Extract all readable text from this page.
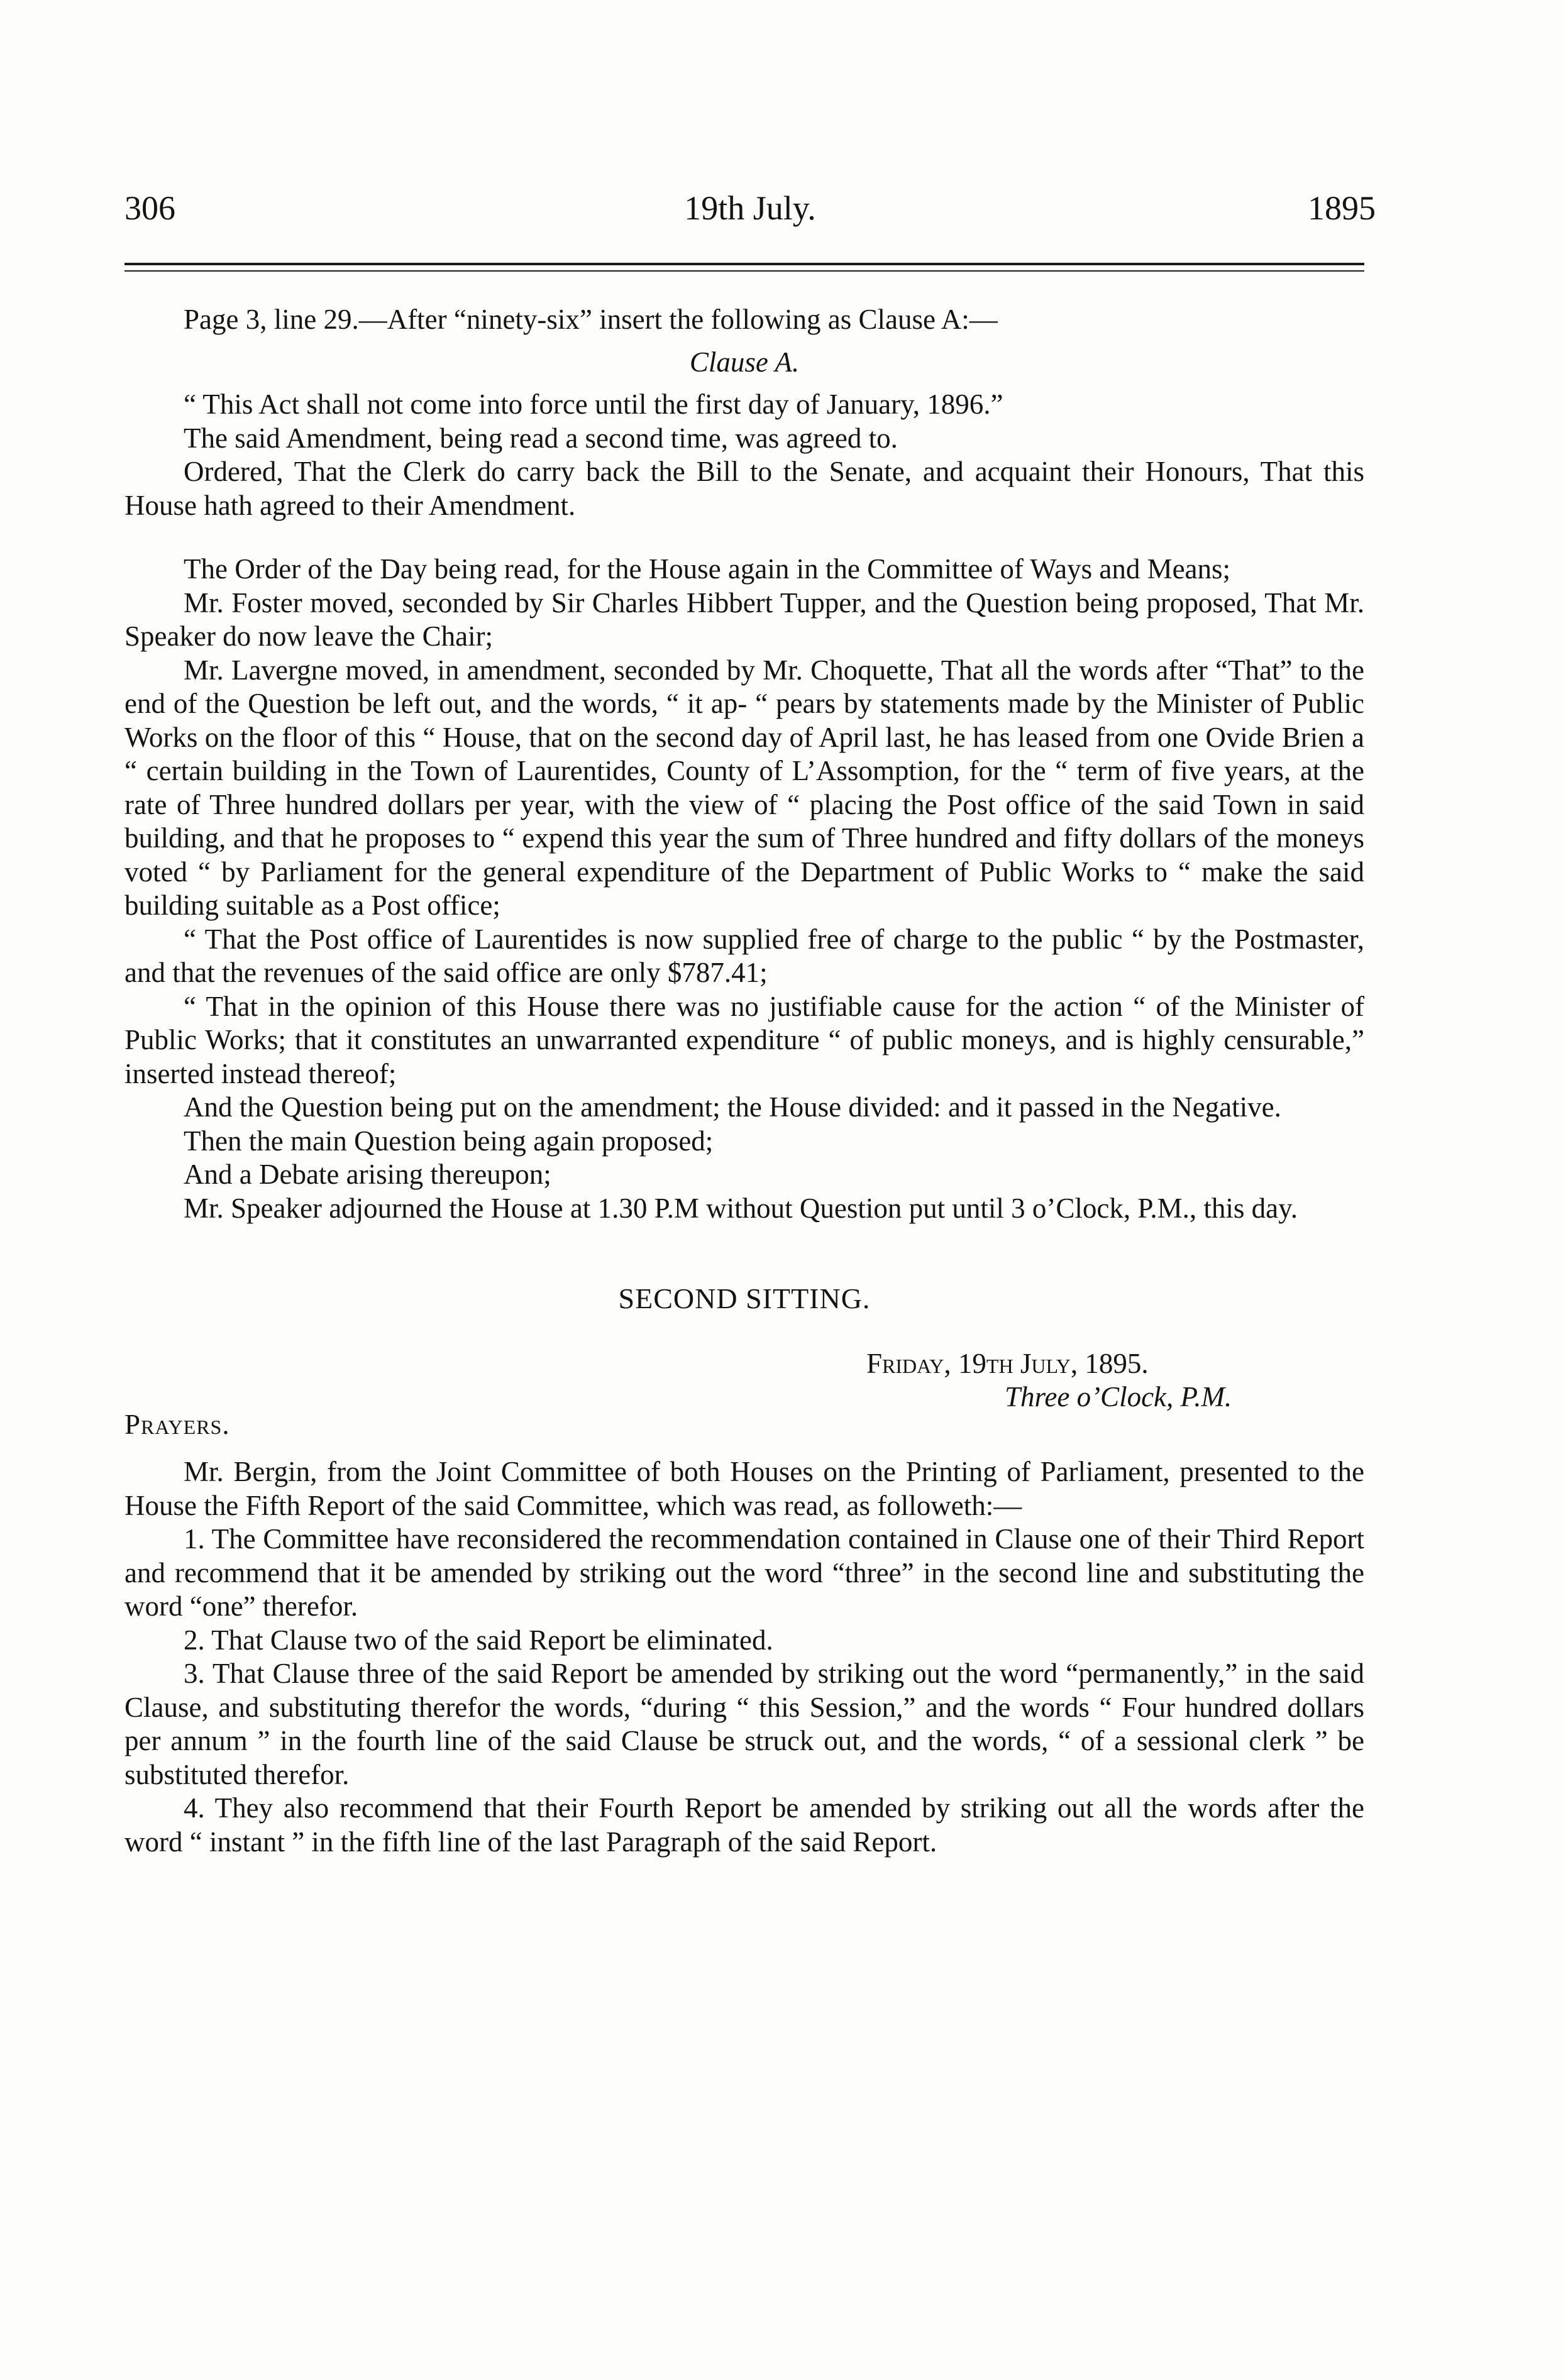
306	19th July.	1895

Page 3, line 29.—After “ninety-six” insert the following as Clause A:—

Clause A.

“ This Act shall not come into force until the first day of January, 1896.”

The said Amendment, being read a second time, was agreed to.

Ordered, That the Clerk do carry back the Bill to the Senate, and acquaint their Honours, That this House hath agreed to their Amendment.

The Order of the Day being read, for the House again in the Committee of Ways and Means;

Mr. Foster moved, seconded by Sir Charles Hibbert Tupper, and the Question being proposed, That Mr. Speaker do now leave the Chair;

Mr. Lavergne moved, in amendment, seconded by Mr. Choquette, That all the words after “That” to the end of the Question be left out, and the words, “ it ap- “ pears by statements made by the Minister of Public Works on the floor of this “ House, that on the second day of April last, he has leased from one Ovide Brien a “ certain building in the Town of Laurentides, County of L’Assomption, for the “ term of five years, at the rate of Three hundred dollars per year, with the view of “ placing the Post office of the said Town in said building, and that he proposes to “ expend this year the sum of Three hundred and fifty dollars of the moneys voted “ by Parliament for the general expenditure of the Department of Public Works to “ make the said building suitable as a Post office;

“ That the Post office of Laurentides is now supplied free of charge to the public “ by the Postmaster, and that the revenues of the said office are only $787.41;

“ That in the opinion of this House there was no justifiable cause for the action “ of the Minister of Public Works; that it constitutes an unwarranted expenditure “ of public moneys, and is highly censurable,” inserted instead thereof;

And the Question being put on the amendment; the House divided: and it passed in the Negative.

Then the main Question being again proposed;

And a Debate arising thereupon;

Mr. Speaker adjourned the House at 1.30 P.M without Question put until 3 o’Clock, P.M., this day.

SECOND SITTING.

Friday, 19th July, 1895.

Three o’Clock, P.M.

Prayers.

Mr. Bergin, from the Joint Committee of both Houses on the Printing of Parliament, presented to the House the Fifth Report of the said Committee, which was read, as followeth:—

1. The Committee have reconsidered the recommendation contained in Clause one of their Third Report and recommend that it be amended by striking out the word “three” in the second line and substituting the word “one” therefor.

2. That Clause two of the said Report be eliminated.

3. That Clause three of the said Report be amended by striking out the word “permanently,” in the said Clause, and substituting therefor the words, “during “ this Session,” and the words “ Four hundred dollars per annum ” in the fourth line of the said Clause be struck out, and the words, “ of a sessional clerk ” be substituted therefor.

4. They also recommend that their Fourth Report be amended by striking out all the words after the word “ instant ” in the fifth line of the last Paragraph of the said Report.
